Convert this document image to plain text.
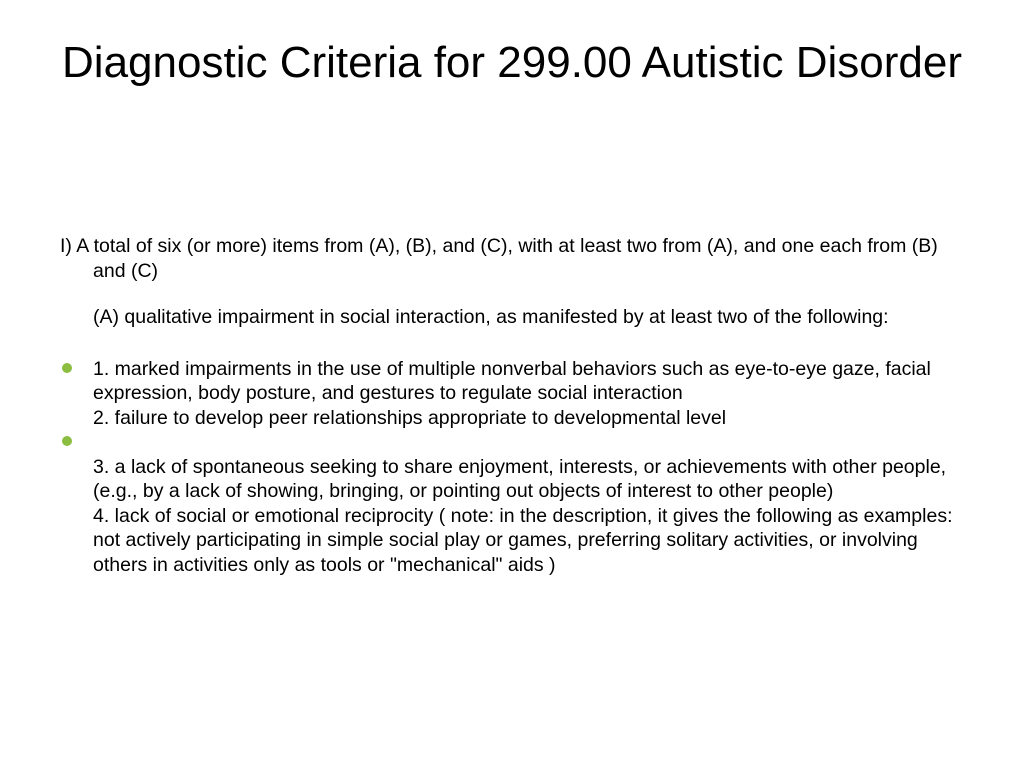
Diagnostic Criteria for 299.00 Autistic Disorder

I) A total of six (or more) items from (A), (B), and (C), with at least two from (A), and one each from (B) and (C)

(A) qualitative impairment in social interaction, as manifested by at least two of the following:

1. marked impairments in the use of multiple nonverbal behaviors such as eye-to-eye gaze, facial expression, body posture, and gestures to regulate social interaction
2. failure to develop peer relationships appropriate to developmental level
3. a lack of spontaneous seeking to share enjoyment, interests, or achievements with other people, (e.g., by a lack of showing, bringing, or pointing out objects of interest to other people)
4. lack of social or emotional reciprocity ( note: in the description, it gives the following as examples: not actively participating in simple social play or games, preferring solitary activities, or involving others in activities only as tools or "mechanical" aids )
